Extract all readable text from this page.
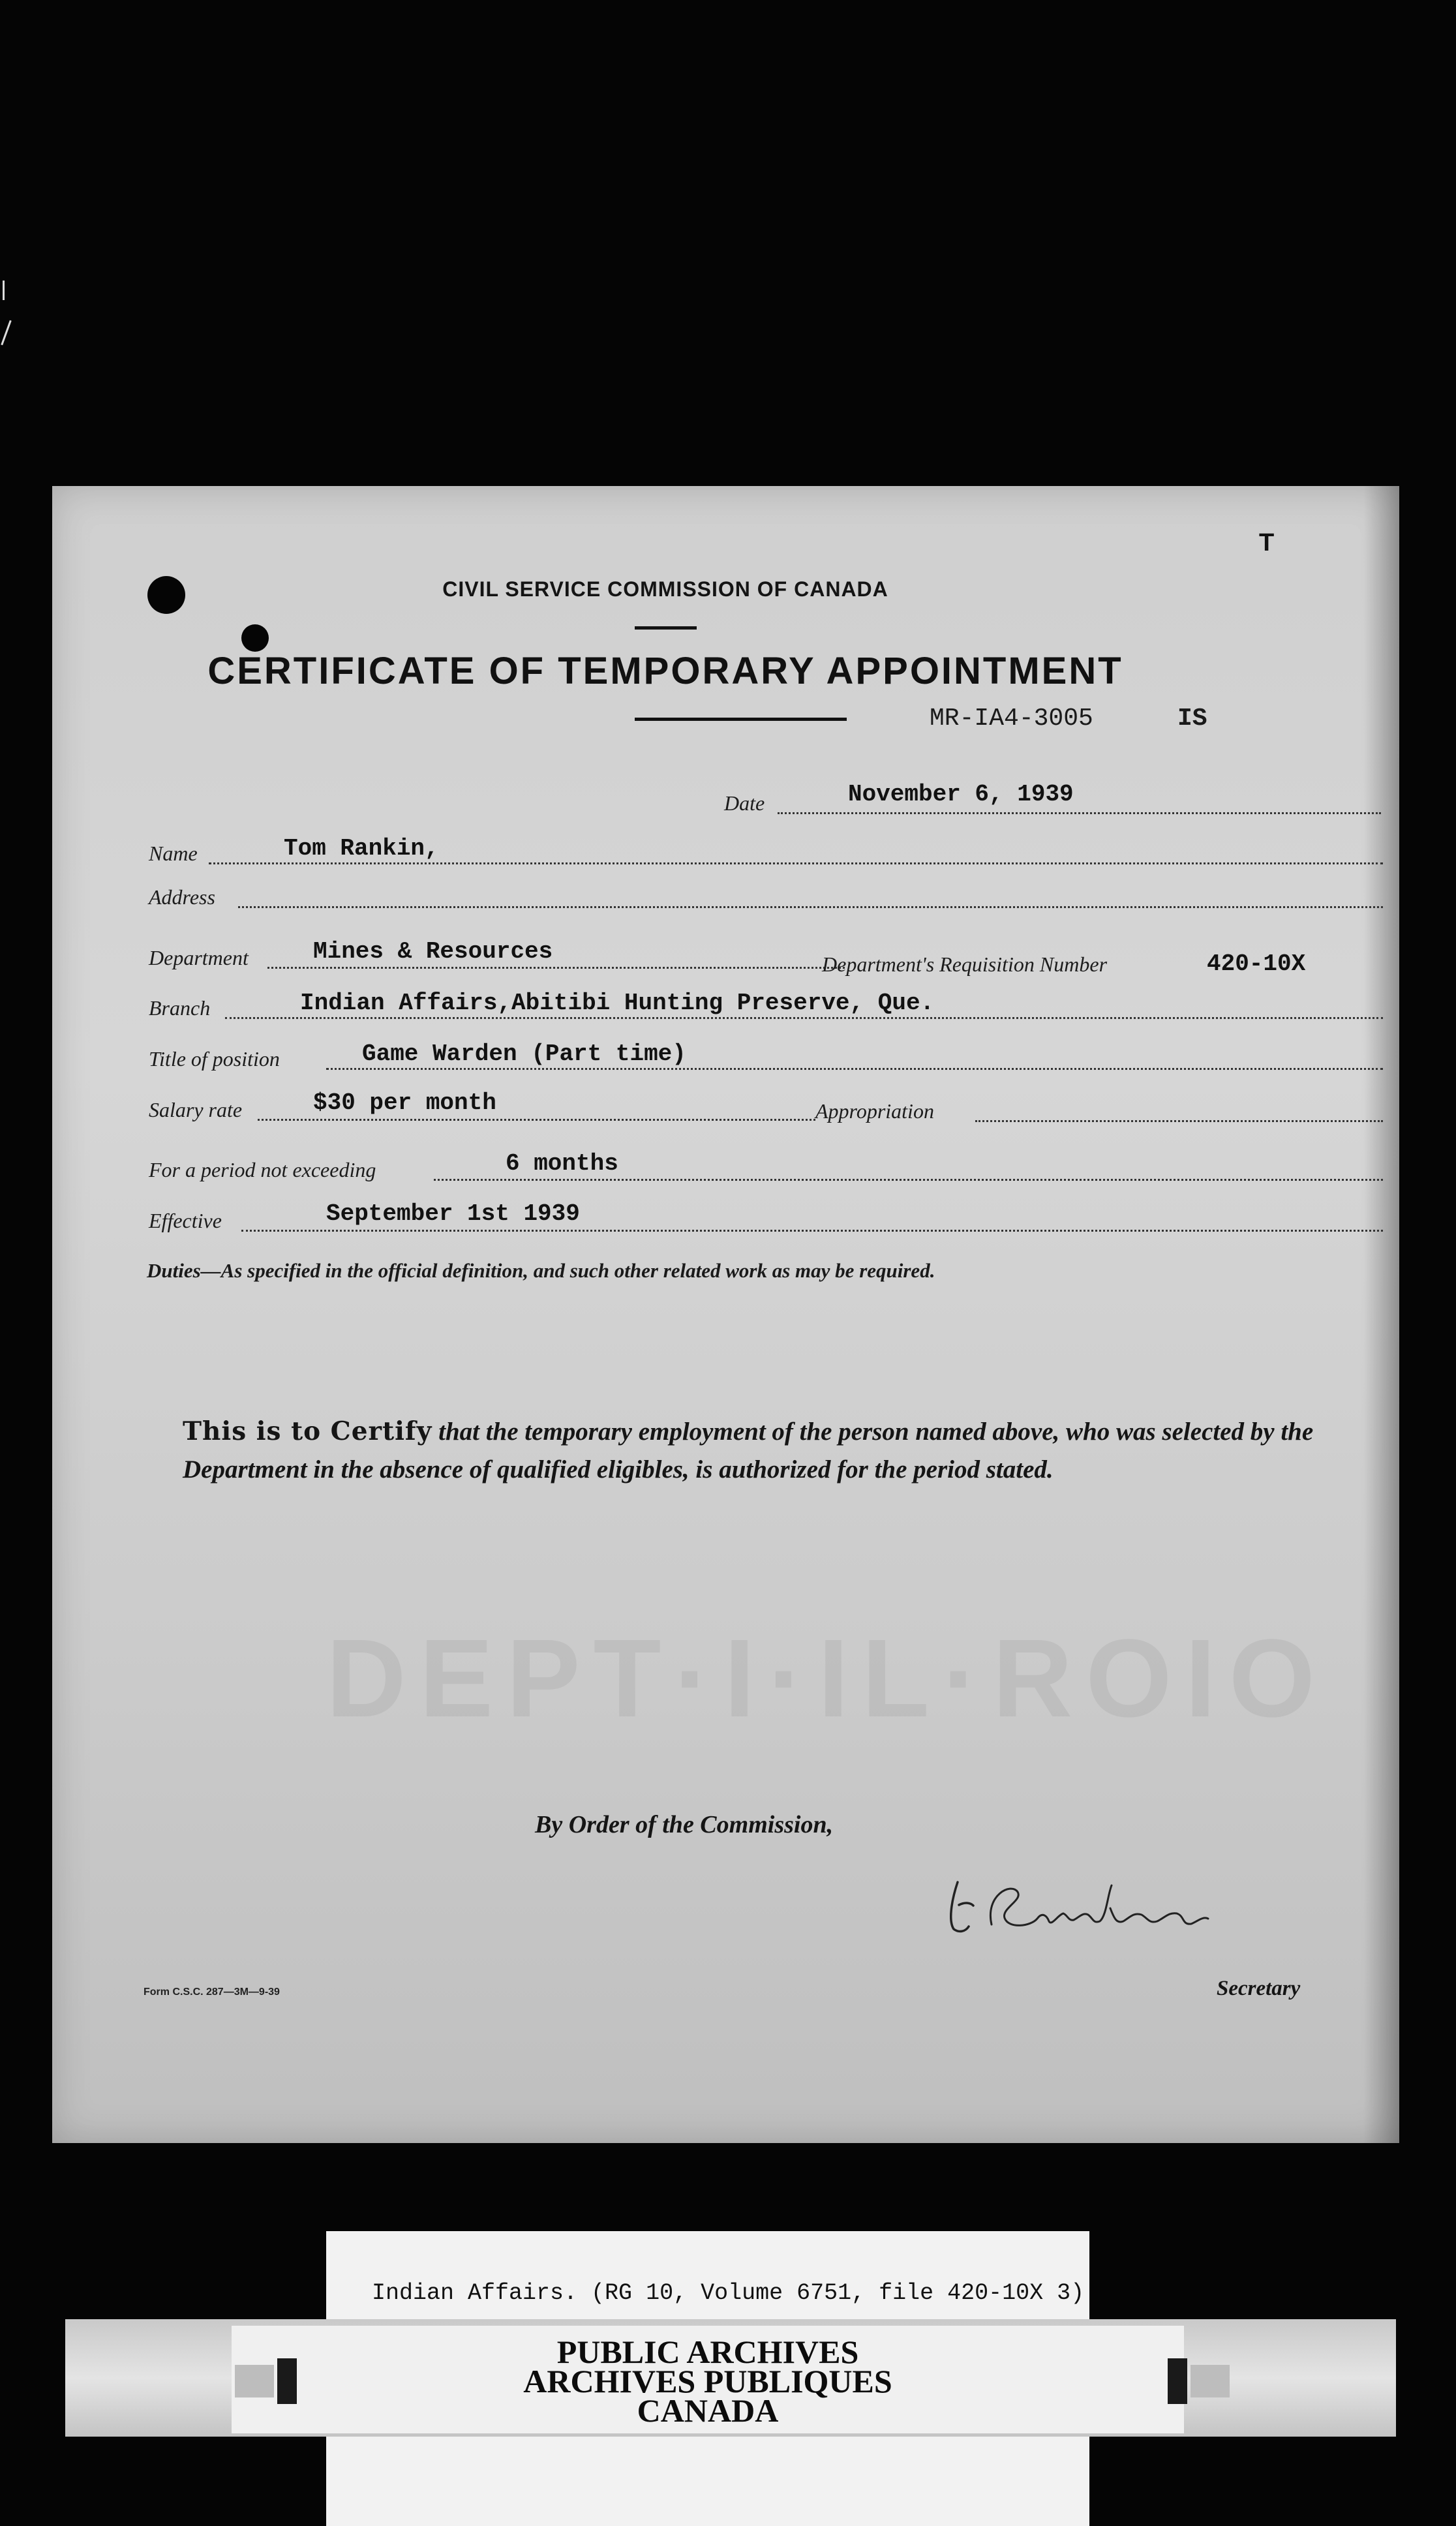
T
CIVIL SERVICE COMMISSION OF CANADA
CERTIFICATE OF TEMPORARY APPOINTMENT
MR-IA4-3005	IS
Date	November 6, 1939
Name	Tom Rankin,
Address
Department	Mines & Resources	Department's Requisition Number	420-10X
Branch	Indian Affairs,Abitibi Hunting Preserve, Que.
Title of position	Game Warden (Part time)
Salary rate	$30 per month	Appropriation
For a period not exceeding	6 months
Effective	September 1st 1939
Duties—As specified in the official definition, and such other related work as may be required.
This is to Certify that the temporary employment of the person named above, who was selected by the Department in the absence of qualified eligibles, is authorized for the period stated.
DEPT·I·IL·ROIO
By Order of the Commission,
Secretary
Form C.S.C. 287—3M—9-39
Indian Affairs. (RG 10, Volume 6751, file 420-10X 3)
PUBLIC ARCHIVES
ARCHIVES PUBLIQUES
CANADA
